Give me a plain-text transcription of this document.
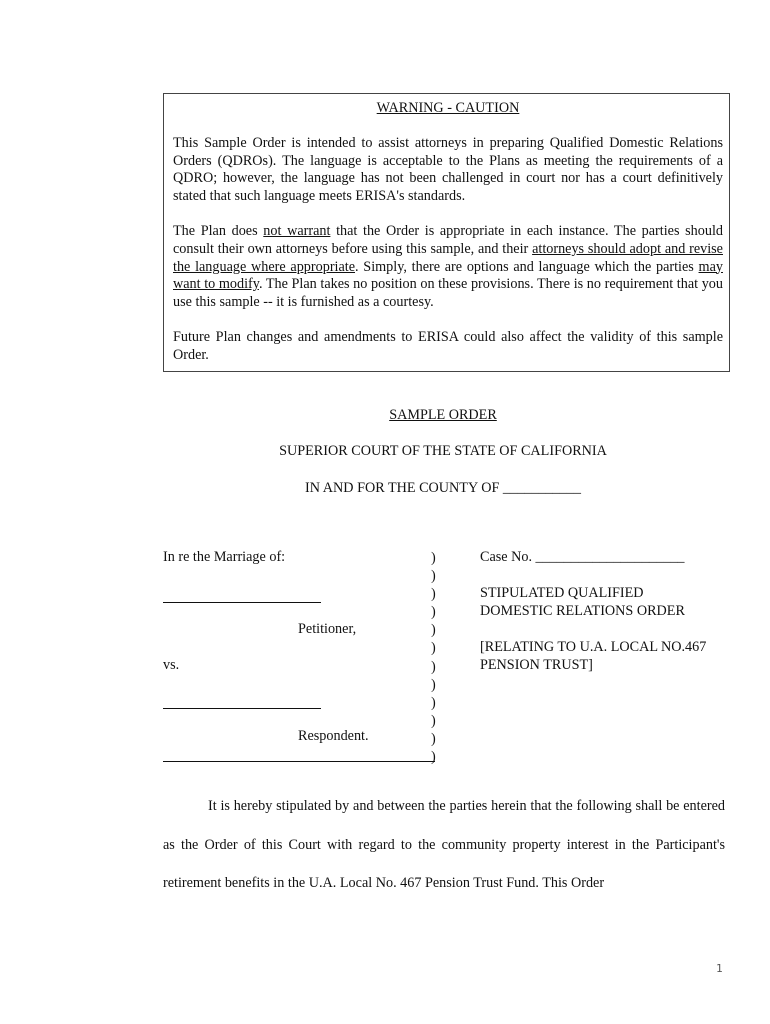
WARNING - CAUTION

This Sample Order is intended to assist attorneys in preparing Qualified Domestic Relations Orders (QDROs). The language is acceptable to the Plans as meeting the requirements of a QDRO; however, the language has not been challenged in court nor has a court definitively stated that such language meets ERISA's standards.

The Plan does not warrant that the Order is appropriate in each instance. The parties should consult their own attorneys before using this sample, and their attorneys should adopt and revise the language where appropriate. Simply, there are options and language which the parties may want to modify. The Plan takes no position on these provisions. There is no requirement that you use this sample -- it is furnished as a courtesy.

Future Plan changes and amendments to ERISA could also affect the validity of this sample Order.

SAMPLE ORDER
SUPERIOR COURT OF THE STATE OF CALIFORNIA
IN AND FOR THE COUNTY OF ___________
In re the Marriage of:
Petitioner,
vs.
Respondent.
)
)
)
)
)
)
)
)
)
)
)
)
Case No. _____________________
STIPULATED QUALIFIED
DOMESTIC RELATIONS ORDER
[RELATING TO U.A. LOCAL NO.467
PENSION TRUST]
It is hereby stipulated by and between the parties herein that the following shall be entered as the Order of this Court with regard to the community property interest in the Participant's retirement benefits in the U.A. Local No. 467 Pension Trust Fund. This Order
1
